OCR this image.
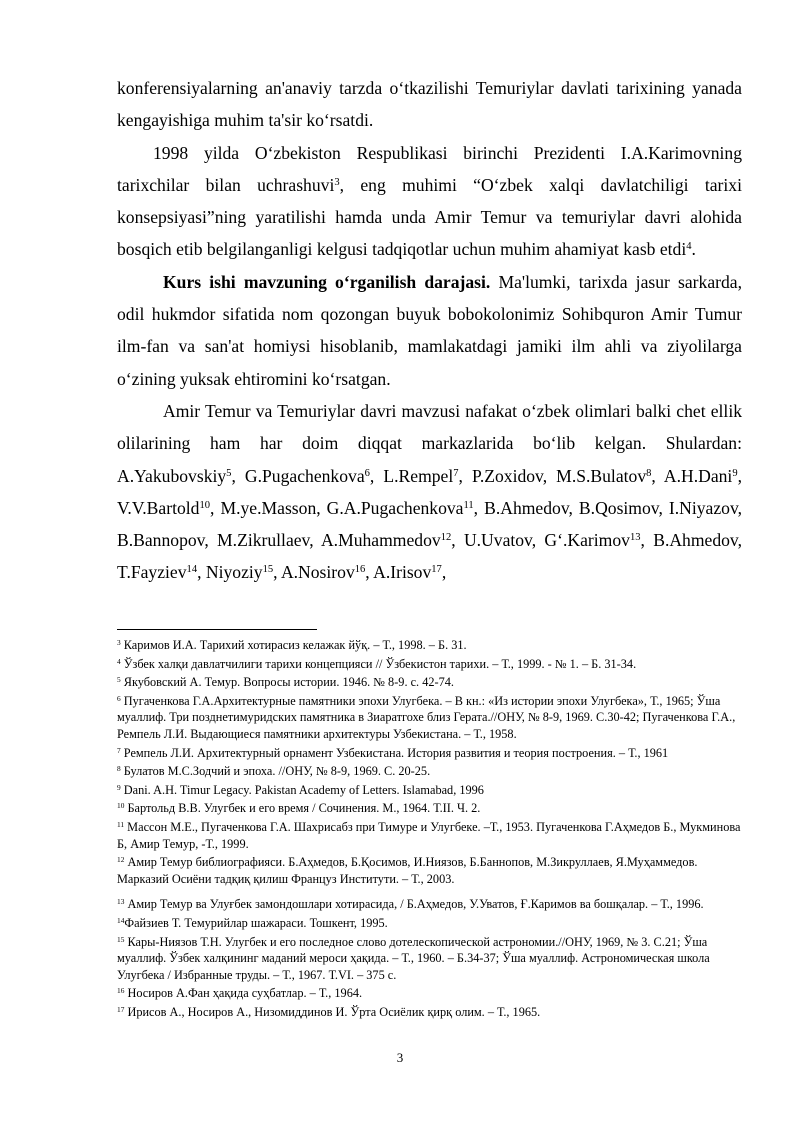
konferensiyalarning an'anaviy tarzda o‘tkazilishi Temuriylar davlati tarixining yanada kengayishiga muhim ta'sir ko‘rsatdi.

1998 yilda O‘zbekiston Respublikasi birinchi Prezidenti I.A.Karimovning tarixchilar bilan uchrashuvi$^3$, eng muhimi “O‘zbek xalqi davlatchiligi tarixi konsepsiyasi”ning yaratilishi hamda unda Amir Temur va temuriylar davri alohida bosqich etib belgilanganligi kelgusi tadqiqotlar uchun muhim ahamiyat kasb etdi$^4$.

Kurs ishi mavzuning o‘rganilish darajasi. Ma'lumki, tarixda jasur sarkarda, odil hukmdor sifatida nom qozongan buyuk bobokolonimiz Sohibquron Amir Tumur ilm-fan va san'at homiysi hisoblanib, mamlakatdagi jamiki ilm ahli va ziyolilarga o‘zining yuksak ehtiromini ko‘rsatgan.

Amir Temur va Temuriylar davri mavzusi nafakat o‘zbek olimlari balki chet ellik olilarining ham har doim diqqat markazlarida bo‘lib kelgan. Shulardan: A.Yakubovskiy$^5$, G.Pugachenkova$^6$, L.Rempel$^7$, P.Zoxidov, M.S.Bulatov$^8$, A.H.Dani$^9$, V.V.Bartold$^{10}$, M.ye.Masson, G.A.Pugachenkova$^{11}$, B.Ahmedov, B.Qosimov, I.Niyazov, B.Bannopov, M.Zikrullaev, A.Muhammedov$^{12}$, U.Uvatov, G‘.Karimov$^{13}$, B.Ahmedov, T.Fayziev$^{14}$, Niyoziy$^{15}$, A.Nosirov$^{16}$, A.Irisov$^{17}$,

$^3$ Каримов И.А. Тарихий хотирасиз келажак йўқ. – Т., 1998. – Б. 31.

$^4$ Ўзбек халқи давлатчилиги тарихи концепцияси // Ўзбекистон тарихи. – Т., 1999. - № 1. – Б. 31-34.

$^5$ Якубовский А. Темур. Вопросы истории. 1946. № 8-9. с. 42-74.

$^6$ Пугаченкова Г.А.Архитектурные памятники эпохи Улугбека. – В кн.: «Из истории эпохи Улугбека», Т., 1965; Ўша муаллиф. Три позднетимуридских памятника в Зиаратгохе близ Герата.//ОНУ, № 8-9, 1969. С.30-42; Пугаченкова Г.А., Ремпель Л.И. Выдающиеся памятники архитектуры Узбекистана. – Т., 1958.

$^7$ Ремпель Л.И. Архитектурный орнамент Узбекистана. История развития и теория построения. – Т., 1961

$^8$ Булатов М.С.Зодчий и эпоха. //ОНУ, № 8-9, 1969. С. 20-25.

$^9$ Dani. A.H. Timur Legacy. Pakistan Academy of Letters. Islamabad, 1996

$^{10}$ Бартольд В.В. Улугбек и его время / Сочинения. М., 1964. Т.II. Ч. 2.

$^{11}$ Массон М.Е., Пугаченкова Г.А. Шахрисабз при Тимуре и Улугбеке. –Т., 1953. Пугаченкова Г.Аҳмедов Б., Мукминова Б, Амир Темур, -Т., 1999.

$^{12}$ Амир Темур библиографияси. Б.Аҳмедов, Б.Қосимов, И.Ниязов, Б.Баннопов, М.Зикруллаев, Я.Муҳаммедов. Марказий Осиёни тадқиқ қилиш Француз Институти. – Т., 2003.

$^{13}$ Амир Темур ва Улуғбек замондошлари хотирасида, / Б.Аҳмедов, У.Уватов, Ғ.Каримов ва бошқалар. – Т., 1996.

$^{14}$Файзиев Т. Темурийлар шажараси. Тошкент, 1995.

$^{15}$ Кары-Ниязов Т.Н. Улугбек и его последное слово дотелескопической астрономии.//ОНУ, 1969, № 3. С.21; Ўша муаллиф. Ўзбек халқининг маданий мероси ҳақида. – Т., 1960. – Б.34-37; Ўша муаллиф. Астрономическая школа Улугбека / Избранные труды. – Т., 1967. Т.VI. – 375 с.

$^{16}$ Носиров А.Фан ҳақида суҳбатлар. – Т., 1964.

$^{17}$ Ирисов А., Носиров А., Низомиддинов И. Ўрта Осиёлик қирқ олим. – Т., 1965.

3
